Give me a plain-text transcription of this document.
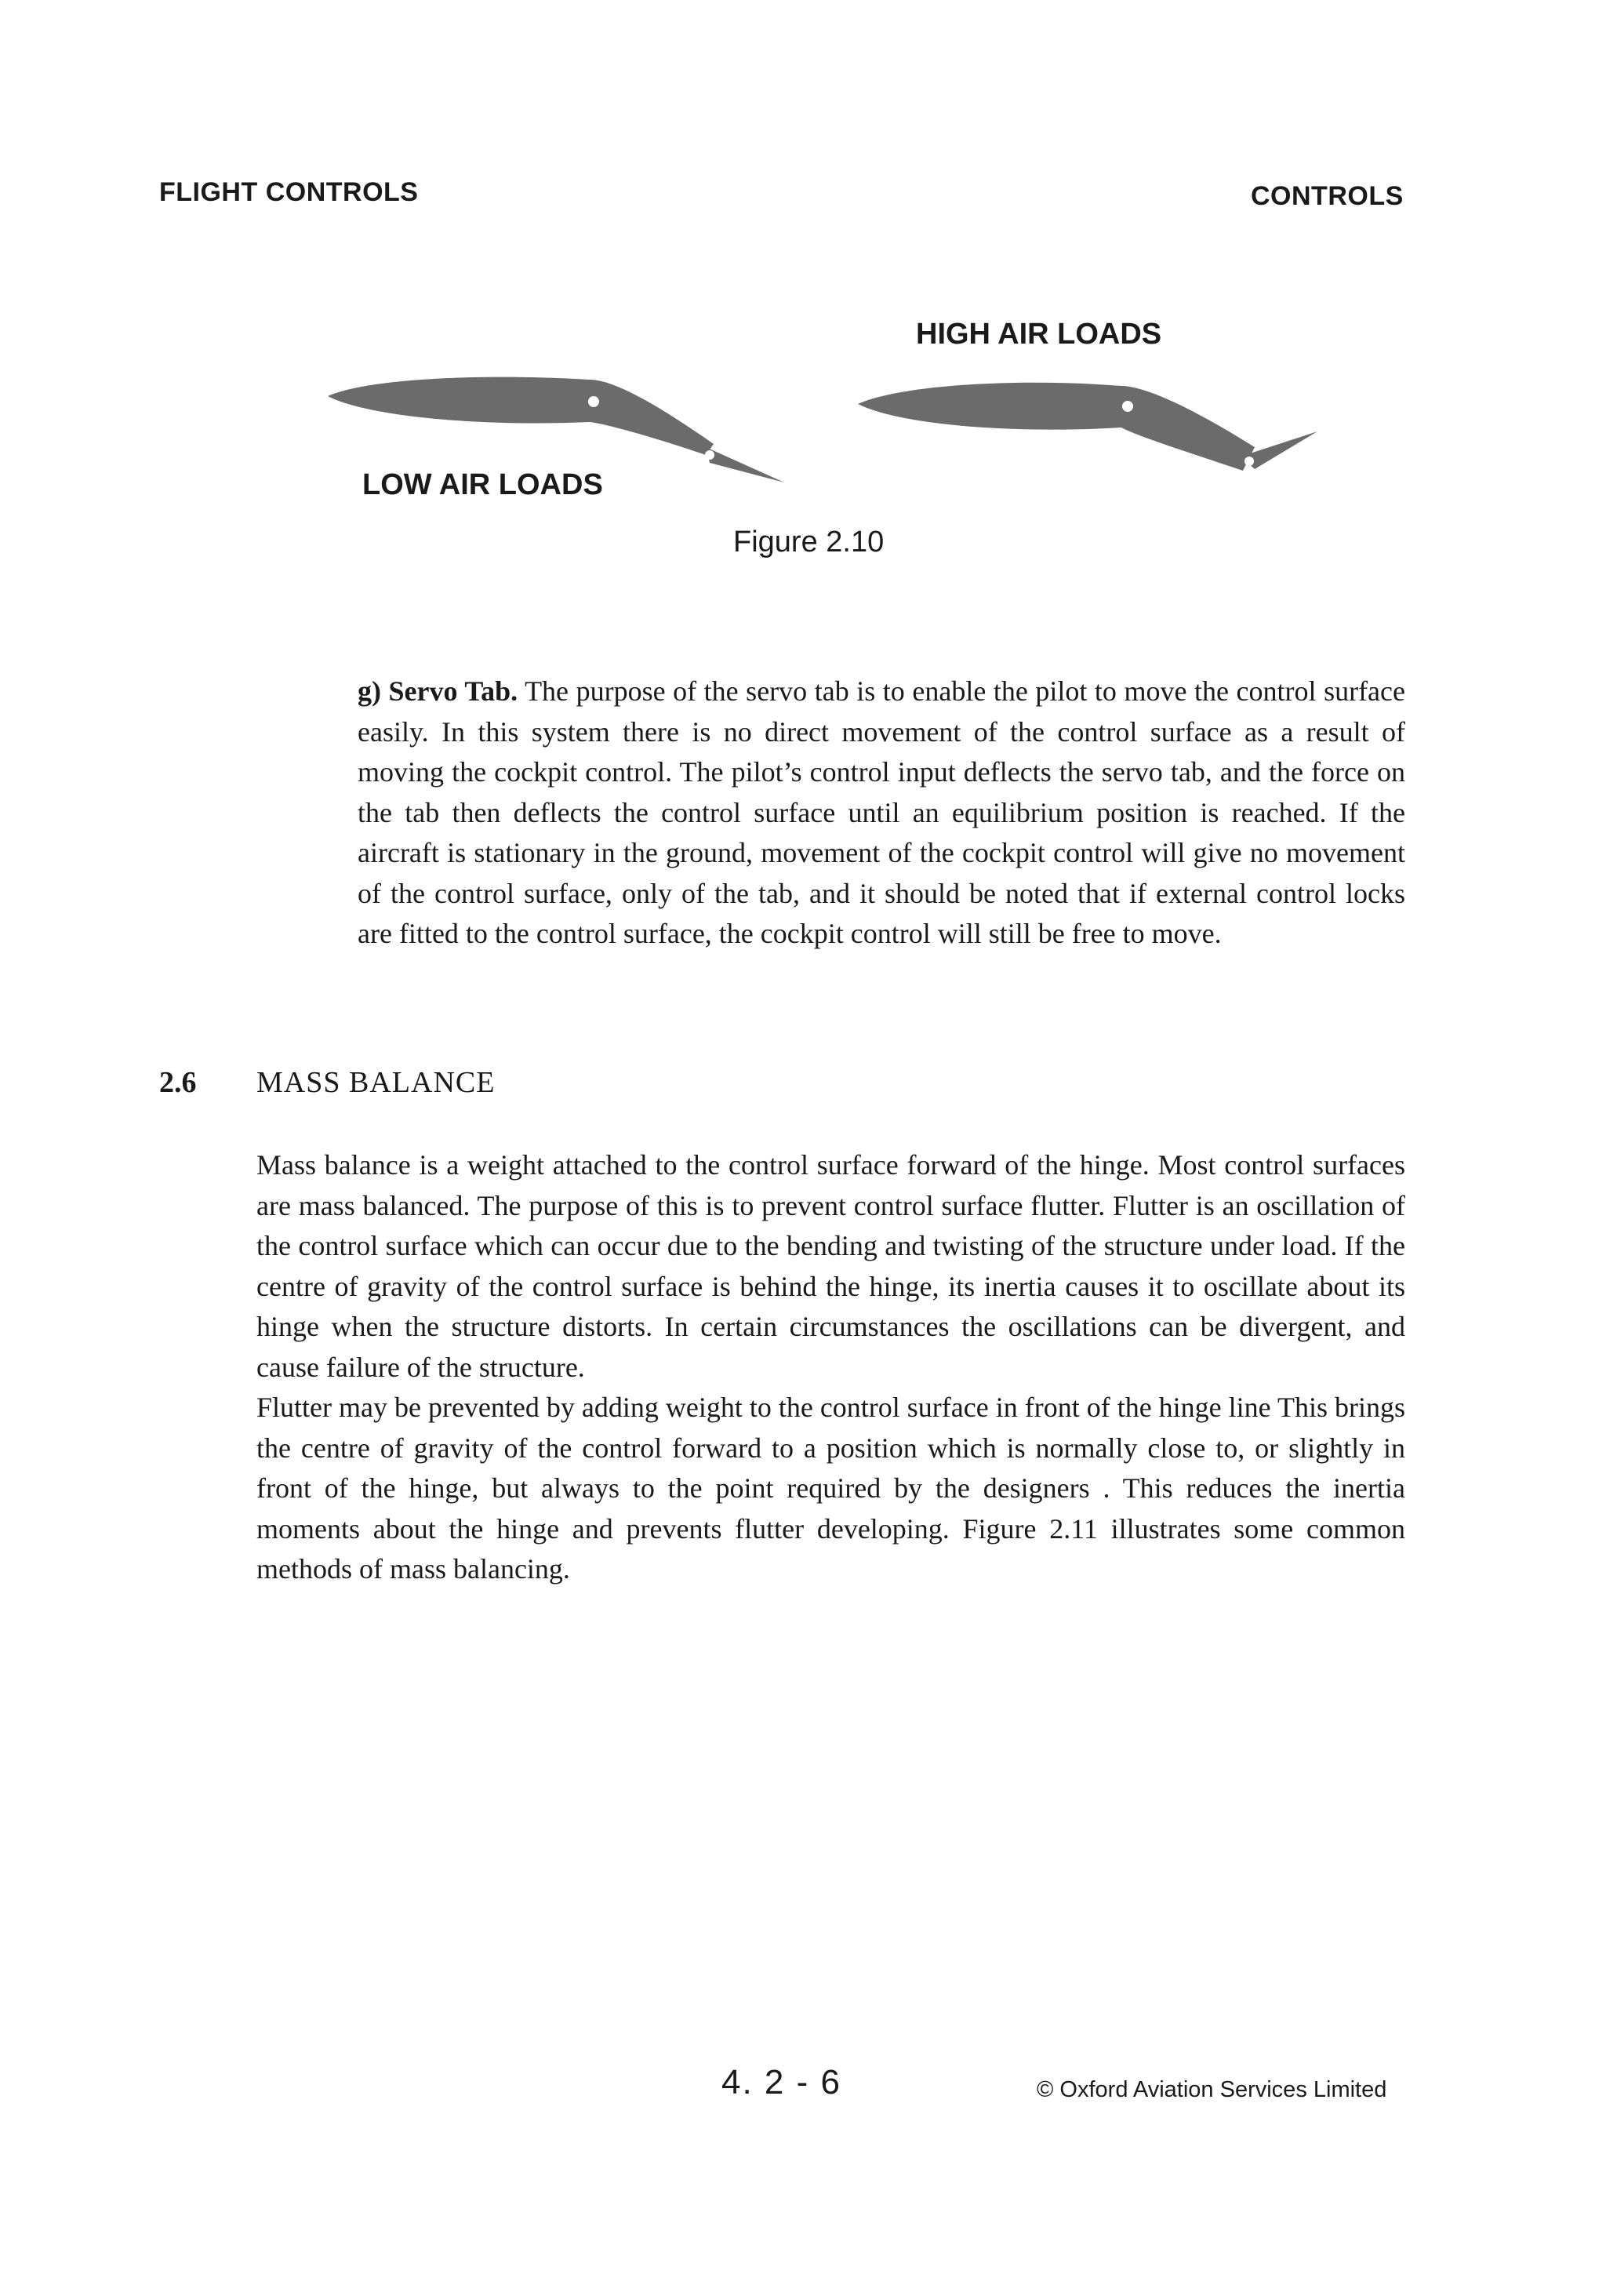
FLIGHT CONTROLS	CONTROLS
HIGH AIR LOADS
LOW AIR LOADS
Figure 2.10

g) Servo Tab. The purpose of the servo tab is to enable the pilot to move the control surface easily. In this system there is no direct movement of the control surface as a result of moving the cockpit control. The pilot’s control input deflects the servo tab, and the force on the tab then deflects the control surface until an equilibrium position is reached. If the aircraft is stationary in the ground, movement of the cockpit control will give no movement of the control surface, only of the tab, and it should be noted that if external control locks are fitted to the control surface, the cockpit control will still be free to move.

2.6 MASS BALANCE

Mass balance is a weight attached to the control surface forward of the hinge. Most control surfaces are mass balanced. The purpose of this is to prevent control surface flutter. Flutter is an oscillation of the control surface which can occur due to the bending and twisting of the structure under load. If the centre of gravity of the control surface is behind the hinge, its inertia causes it to oscillate about its hinge when the structure distorts. In certain circumstances the oscillations can be divergent, and cause failure of the structure.

Flutter may be prevented by adding weight to the control surface in front of the hinge line This brings the centre of gravity of the control forward to a position which is normally close to, or slightly in front of the hinge, but always to the point required by the designers . This reduces the inertia moments about the hinge and prevents flutter developing. Figure 2.11 illustrates some common methods of mass balancing.

4. 2 - 6	© Oxford Aviation Services Limited
